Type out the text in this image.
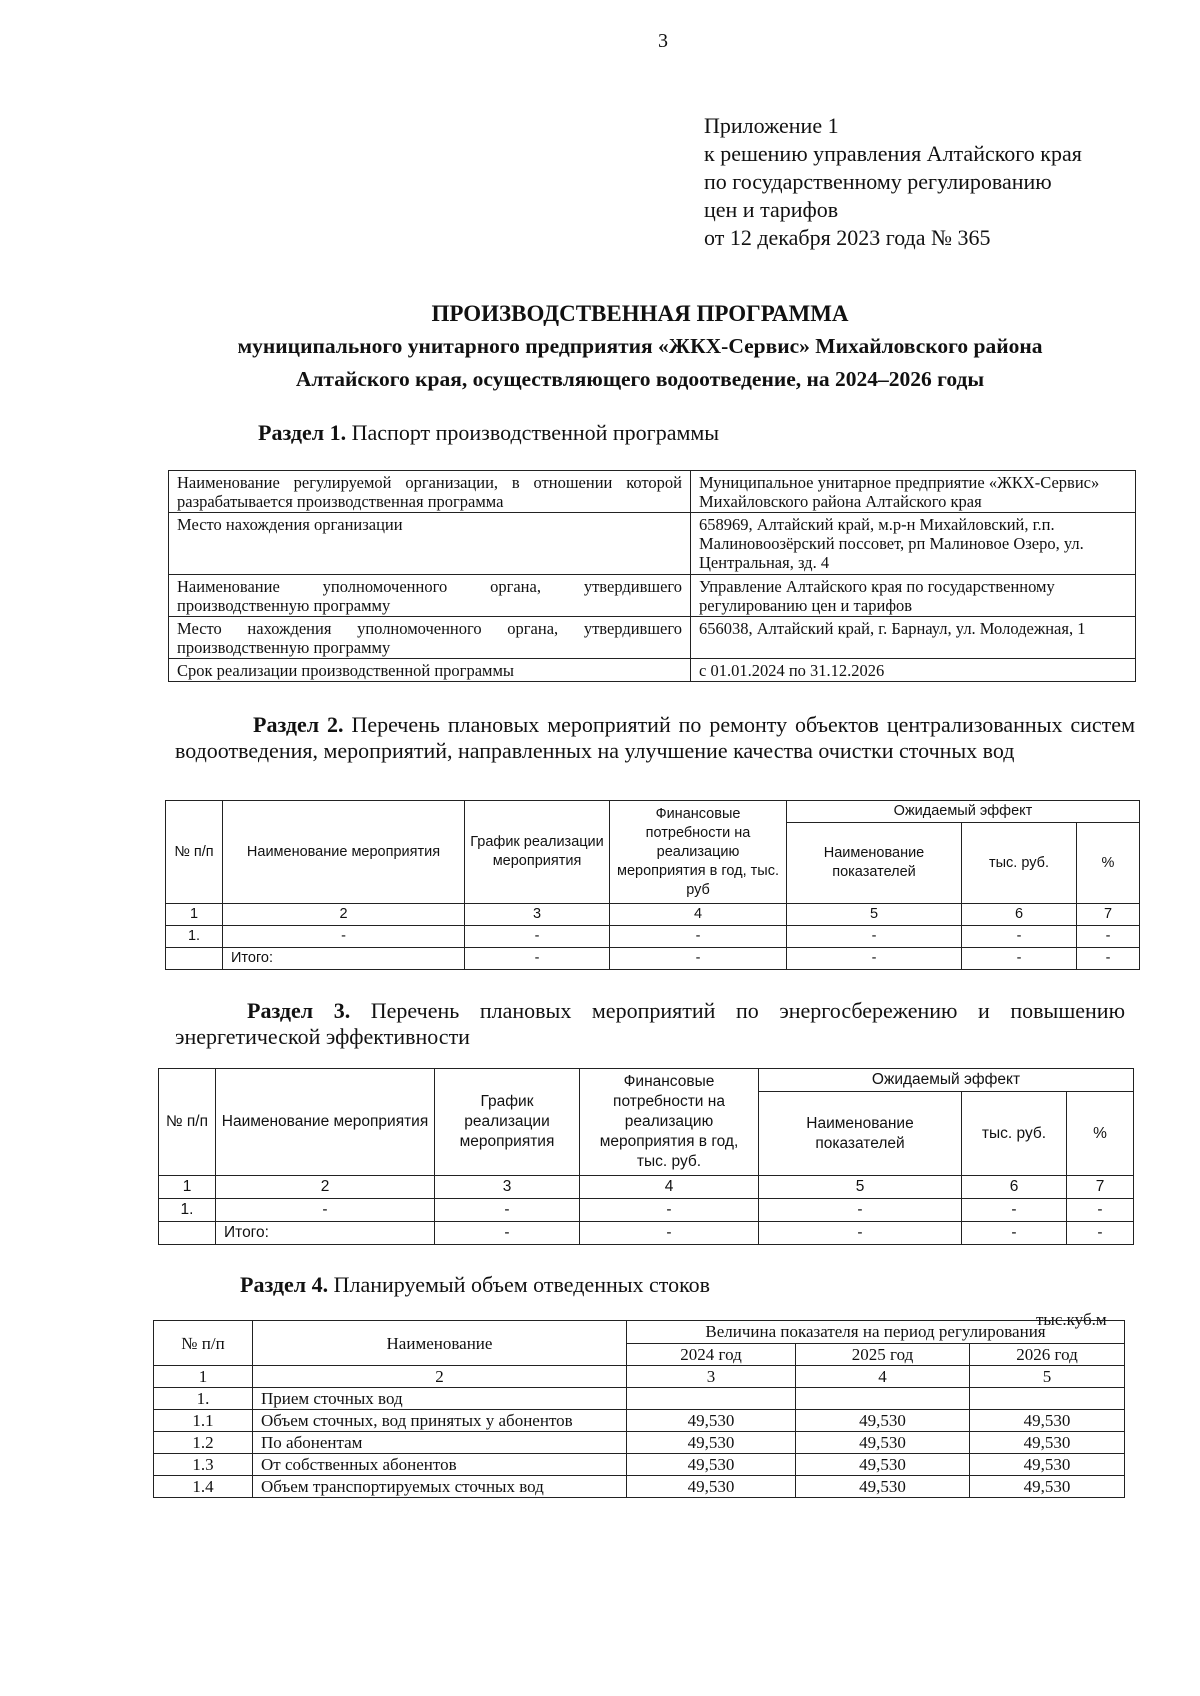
3
Приложение 1
к решению управления Алтайского края
по государственному регулированию
цен и тарифов
от 12 декабря 2023 года № 365
ПРОИЗВОДСТВЕННАЯ ПРОГРАММА
муниципального унитарного предприятия «ЖКХ-Сервис» Михайловского района
Алтайского края, осуществляющего водоотведение, на 2024–2026 годы
Раздел 1. Паспорт производственной программы
Наименование регулируемой организации, в отношении которой разрабатывается производственная программа	Муниципальное унитарное предприятие «ЖКХ-Сервис» Михайловского района Алтайского края
Место нахождения организации	658969, Алтайский край, м.р-н Михайловский, г.п. Малиновоозёрский поссовет, рп Малиновое Озеро, ул. Центральная, зд. 4
Наименование уполномоченного органа, утвердившего производственную программу	Управление Алтайского края по государственному регулированию цен и тарифов
Место нахождения уполномоченного органа, утвердившего производственную программу	656038, Алтайский край, г. Барнаул, ул. Молодежная, 1
Срок реализации производственной программы	с 01.01.2024 по 31.12.2026
Раздел 2. Перечень плановых мероприятий по ремонту объектов централизованных систем водоотведения, мероприятий, направленных на улучшение качества очистки сточных вод
№ п/п	Наименование мероприятия	График реализации мероприятия	Финансовые потребности на реализацию мероприятия в год, тыс. руб	Ожидаемый эффект		
				Наименование показателей	тыс. руб.	%
1	2	3	4	5	6	7
1.	-	-	-	-	-	-
	Итого:	-	-	-	-	-
Раздел 3. Перечень плановых мероприятий по энергосбережению и повышению энергетической эффективности
№ п/п	Наименование мероприятия	График реализации мероприятия	Финансовые потребности на реализацию мероприятия в год, тыс. руб.	Ожидаемый эффект		
				Наименование показателей	тыс. руб.	%
1	2	3	4	5	6	7
1.	-	-	-	-	-	-
	Итого:	-	-	-	-	-
Раздел 4. Планируемый объем отведенных стоков
тыс.куб.м
№ п/п	Наименование	Величина показателя на период регулирования		
		2024 год	2025 год	2026 год
1	2	3	4	5
1.	Прием сточных вод			
1.1	Объем сточных, вод принятых у абонентов	49,530	49,530	49,530
1.2	По абонентам	49,530	49,530	49,530
1.3	От собственных абонентов	49,530	49,530	49,530
1.4	Объем транспортируемых сточных вод	49,530	49,530	49,530
